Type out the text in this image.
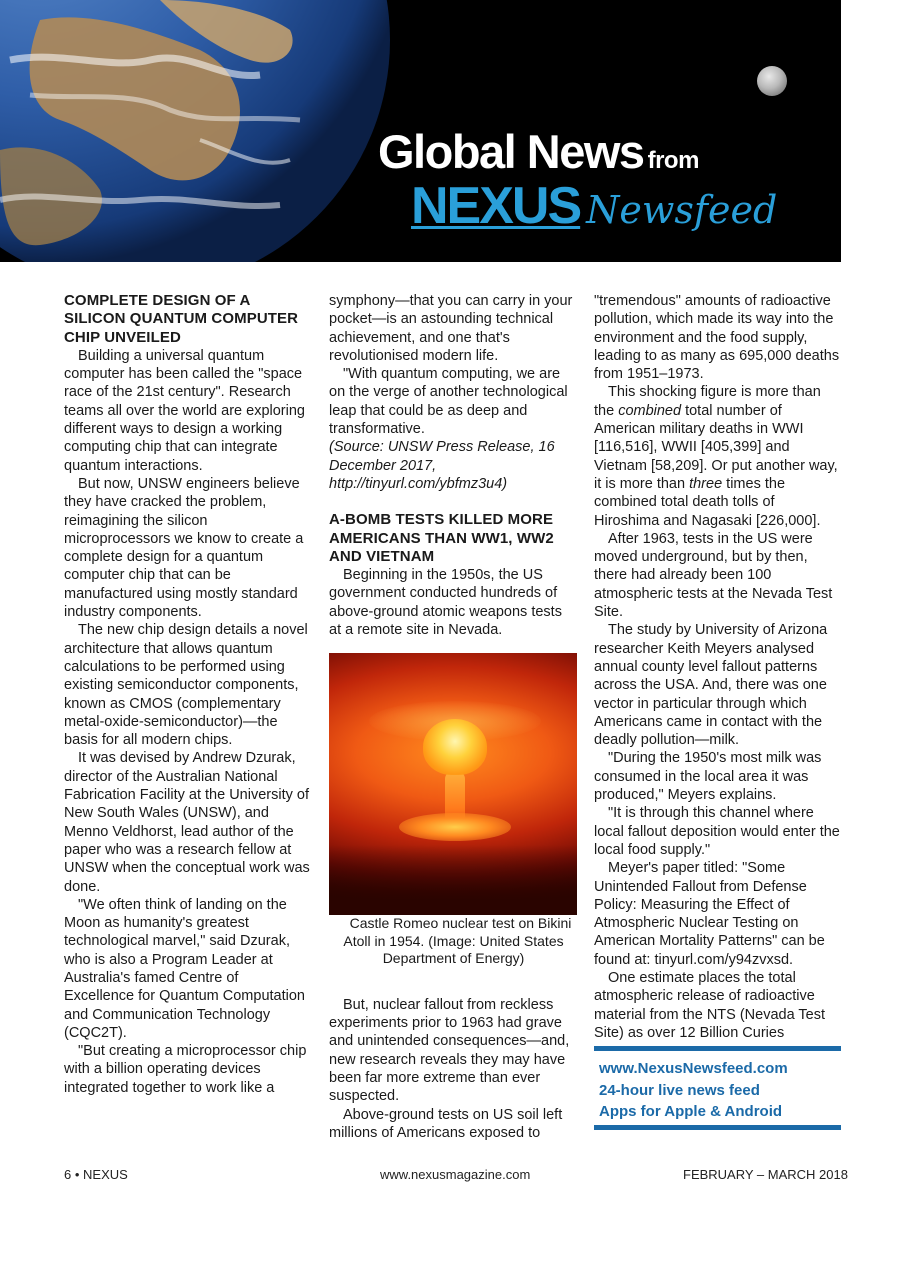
Global News from
NEXUS Newsfeed
COMPLETE DESIGN OF A SILICON QUANTUM COMPUTER CHIP UNVEILED

Building a universal quantum computer has been called the "space race of the 21st century". Research teams all over the world are exploring different ways to design a working computing chip that can integrate quantum interactions.

But now, UNSW engineers believe they have cracked the problem, reimagining the silicon microprocessors we know to create a complete design for a quantum computer chip that can be manufactured using mostly standard industry components.

The new chip design details a novel architecture that allows quantum calculations to be performed using existing semiconductor components, known as CMOS (complementary metal-oxide-semiconductor)—the basis for all modern chips.

It was devised by Andrew Dzurak, director of the Australian National Fabrication Facility at the University of New South Wales (UNSW), and Menno Veldhorst, lead author of the paper who was a research fellow at UNSW when the conceptual work was done.

"We often think of landing on the Moon as humanity's greatest technological marvel," said Dzurak, who is also a Program Leader at Australia's famed Centre of Excellence for Quantum Computation and Communication Technology (CQC2T).

"But creating a microprocessor chip with a billion operating devices integrated together to work like a

symphony—that you can carry in your pocket—is an astounding technical achievement, and one that's revolutionised modern life.

"With quantum computing, we are on the verge of another technological leap that could be as deep and transformative.

(Source: UNSW Press Release, 16 December 2017, http://tinyurl.com/ybfmz3u4)

A-BOMB TESTS KILLED MORE AMERICANS THAN WW1, WW2 AND VIETNAM

Beginning in the 1950s, the US government conducted hundreds of above-ground atomic weapons tests at a remote site in Nevada.

Castle Romeo nuclear test on Bikini Atoll in 1954. (Image: United States Department of Energy)

But, nuclear fallout from reckless experiments prior to 1963 had grave and unintended consequences—and, new research reveals they may have been far more extreme than ever suspected.

Above-ground tests on US soil left millions of Americans exposed to

"tremendous" amounts of radioactive pollution, which made its way into the environment and the food supply, leading to as many as 695,000 deaths from 1951–1973.

This shocking figure is more than the combined total number of American military deaths in WWI [116,516], WWII [405,399] and Vietnam [58,209]. Or put another way, it is more than three times the combined total death tolls of Hiroshima and Nagasaki [226,000].

After 1963, tests in the US were moved underground, but by then, there had already been 100 atmospheric tests at the Nevada Test Site.

The study by University of Arizona researcher Keith Meyers analysed annual county level fallout patterns across the USA. And, there was one vector in particular through which Americans came in contact with the deadly pollution—milk.

"During the 1950's most milk was consumed in the local area it was produced," Meyers explains.

"It is through this channel where local fallout deposition would enter the local food supply."

Meyer's paper titled: "Some Unintended Fallout from Defense Policy: Measuring the Effect of Atmospheric Nuclear Testing on American Mortality Patterns" can be found at: tinyurl.com/y94zvxsd.

One estimate places the total atmospheric release of radioactive material from the NTS (Nevada Test Site) as over 12 Billion Curies

www.NexusNewsfeed.com
24-hour live news feed
Apps for Apple & Android
6 • NEXUS	www.nexusmagazine.com	FEBRUARY – MARCH 2018
